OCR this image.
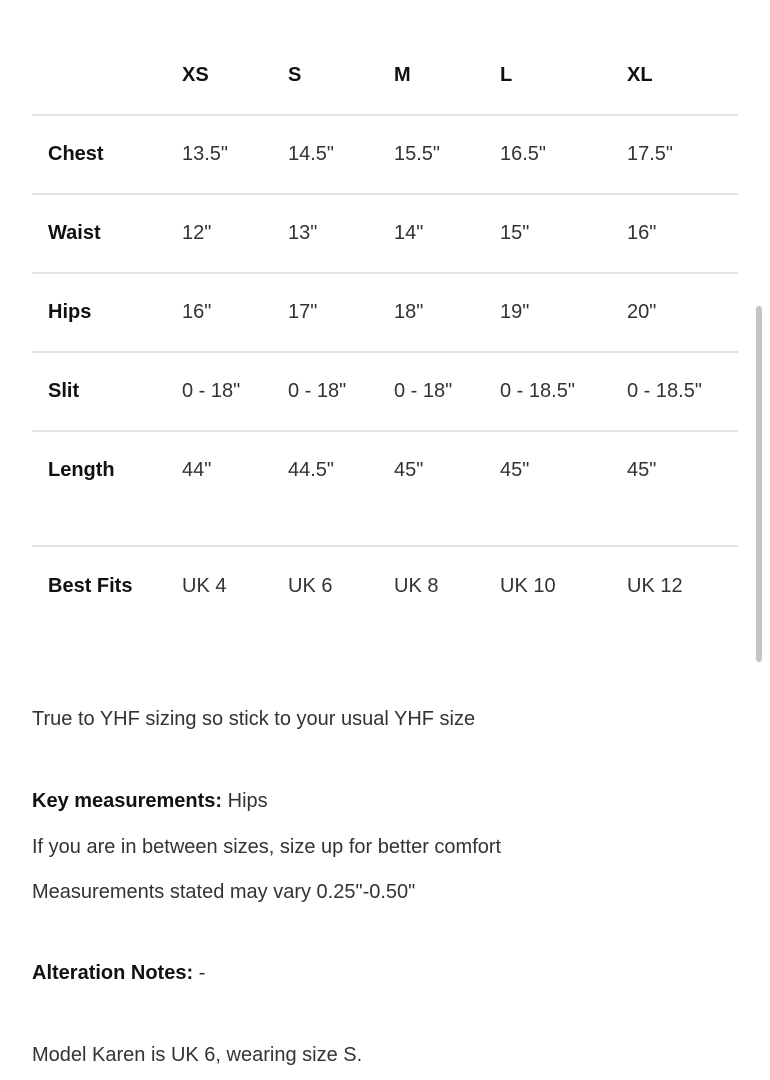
	XS	S	M	L	XL
Chest	13.5"	14.5"	15.5"	16.5"	17.5"
Waist	12"	13"	14"	15"	16"
Hips	16"	17"	18"	19"	20"
Slit	0 - 18"	0 - 18"	0 - 18"	0 - 18.5"	0 - 18.5"
Length	44"	44.5"	45"	45"	45"
Best Fits	UK 4	UK 6	UK 8	UK 10	UK 12

True to YHF sizing so stick to your usual YHF size

Key measurements: Hips

If you are in between sizes, size up for better comfort

Measurements stated may vary 0.25"-0.50"

Alteration Notes: -

Model Karen is UK 6, wearing size S.
